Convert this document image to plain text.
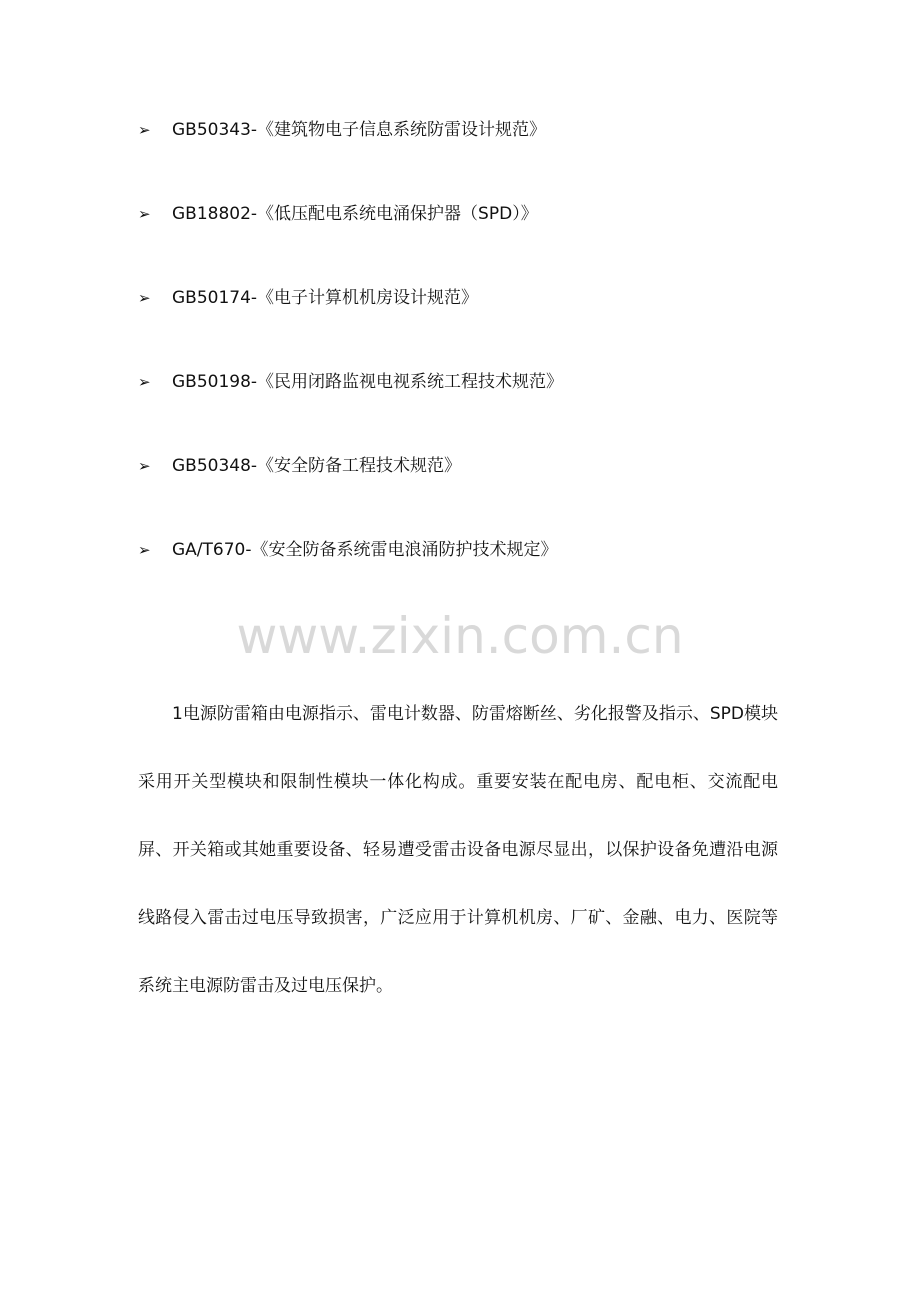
➢	GB50343 -《建筑物电子信息系统防雷设计规范》
➢	GB18802 -《低压配电系统电涌保护器（SPD）》
➢	GB50174 -《电子计算机机房设计规范》
➢	GB50198 -《民用闭路监视电视系统工程技术规范》
➢	GB50348 -《安全防备工程技术规范》
➢	GA/T670 -《安全防备系统雷电浪涌防护技术规定》
www.zixin.com.cn

1电源防雷箱由电源指示、雷电计数器、防雷熔断丝、劣化报警及指示、SPD模块采用开关型模块和限制性模块一体化构成。重要安装在配电房、配电柜、交流配电屏、开关箱或其她重要设备、轻易遭受雷击设备电源尽显出，以保护设备免遭沿电源线路侵入雷击过电压导致损害，广泛应用于计算机机房、厂矿、金融、电力、医院等系统主电源防雷击及过电压保护。
